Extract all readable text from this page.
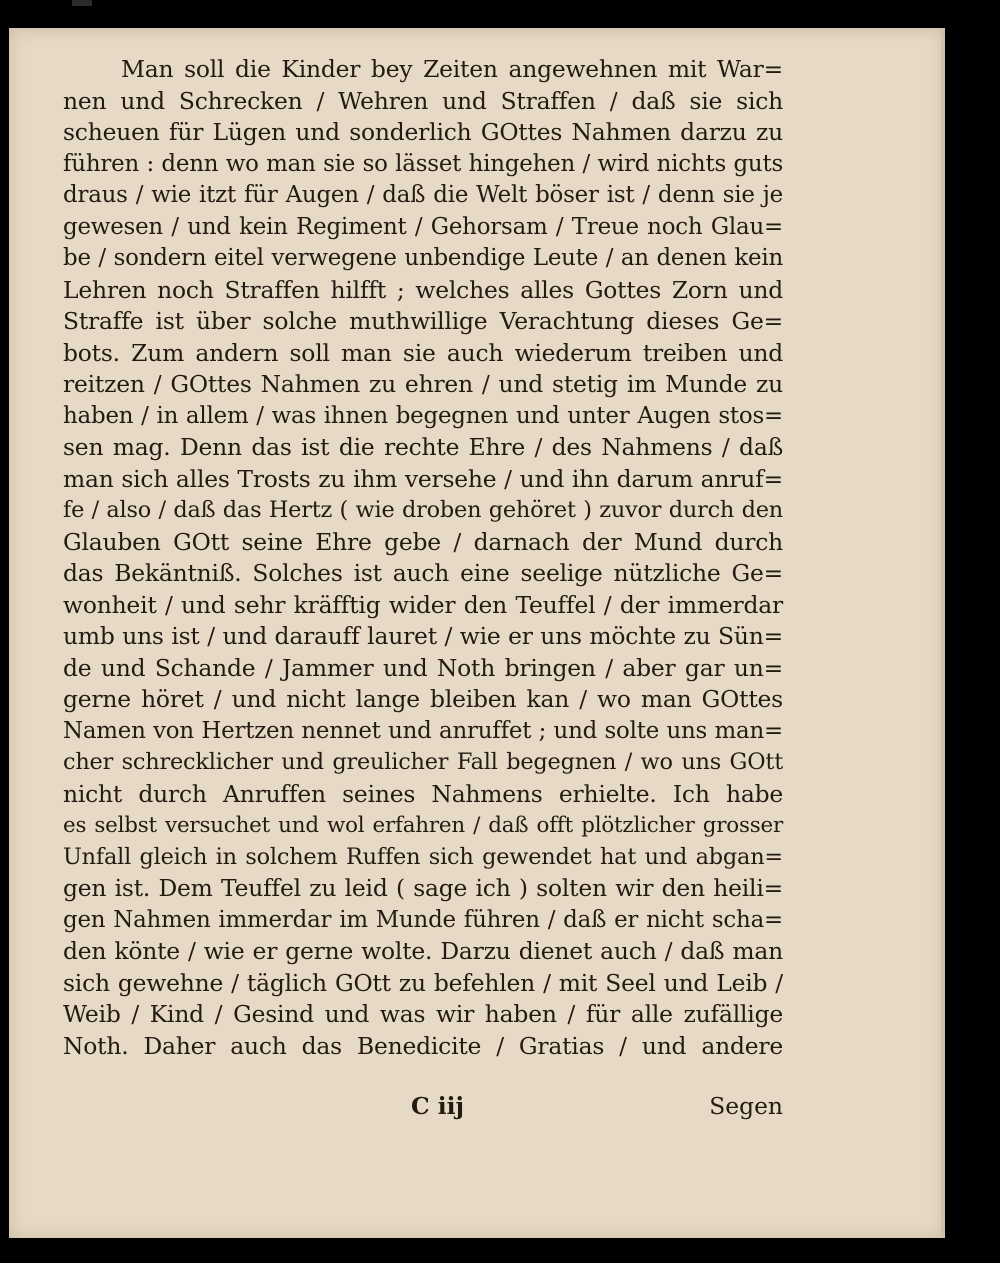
Man soll die Kinder bey Zeiten angewehnen mit War=
nen und Schrecken / Wehren und Straffen / daß sie sich
scheuen für Lügen und sonderlich GOttes Nahmen darzu zu
führen : denn wo man sie so lässet hingehen / wird nichts guts
draus / wie itzt für Augen / daß die Welt böser ist / denn sie je
gewesen / und kein Regiment / Gehorsam / Treue noch Glau=
be / sondern eitel verwegene unbendige Leute / an denen kein
Lehren noch Straffen hilfft ; welches alles Gottes Zorn und
Straffe ist über solche muthwillige Verachtung dieses Ge=
bots. Zum andern soll man sie auch wiederum treiben und
reitzen / GOttes Nahmen zu ehren / und stetig im Munde zu
haben / in allem / was ihnen begegnen und unter Augen stos=
sen mag. Denn das ist die rechte Ehre / des Nahmens / daß
man sich alles Trosts zu ihm versehe / und ihn darum anruf=
fe / also / daß das Hertz ( wie droben gehöret ) zuvor durch den
Glauben GOtt seine Ehre gebe / darnach der Mund durch
das Bekäntniß. Solches ist auch eine seelige nützliche Ge=
wonheit / und sehr kräfftig wider den Teuffel / der immerdar
umb uns ist / und darauff lauret / wie er uns möchte zu Sün=
de und Schande / Jammer und Noth bringen / aber gar un=
gerne höret / und nicht lange bleiben kan / wo man GOttes
Namen von Hertzen nennet und anruffet ; und solte uns man=
cher schrecklicher und greulicher Fall begegnen / wo uns GOtt
nicht durch Anruffen seines Nahmens erhielte. Ich habe
es selbst versuchet und wol erfahren / daß offt plötzlicher grosser
Unfall gleich in solchem Ruffen sich gewendet hat und abgan=
gen ist. Dem Teuffel zu leid ( sage ich ) solten wir den heili=
gen Nahmen immerdar im Munde führen / daß er nicht scha=
den könte / wie er gerne wolte. Darzu dienet auch / daß man
sich gewehne / täglich GOtt zu befehlen / mit Seel und Leib /
Weib / Kind / Gesind und was wir haben / für alle zufällige
Noth. Daher auch das Benedicite / Gratias / und andere
C iij	Segen
